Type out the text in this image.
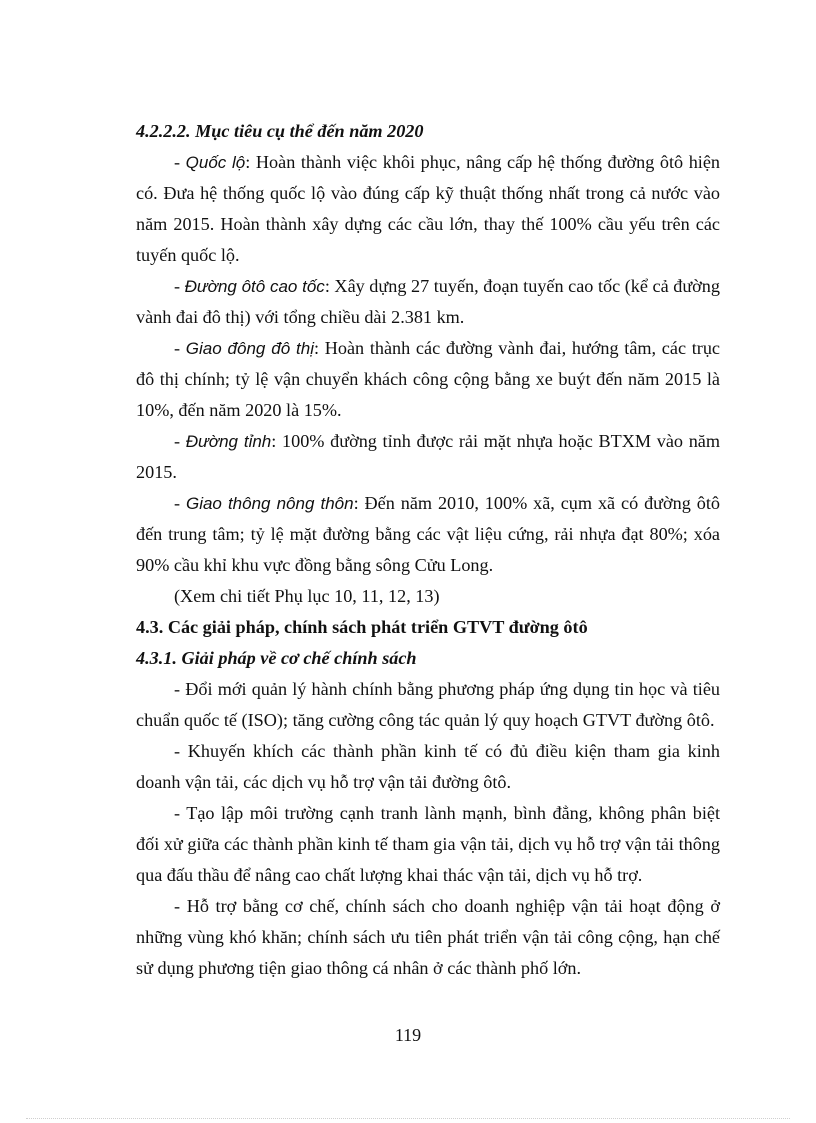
4.2.2.2. Mục tiêu cụ thể đến năm 2020

- Quốc lộ: Hoàn thành việc khôi phục, nâng cấp hệ thống đường ôtô hiện có. Đưa hệ thống quốc lộ vào đúng cấp kỹ thuật thống nhất trong cả nước vào năm 2015. Hoàn thành xây dựng các cầu lớn, thay thế 100% cầu yếu trên các tuyến quốc lộ.

- Đường ôtô cao tốc: Xây dựng 27 tuyến, đoạn tuyến cao tốc (kể cả đường vành đai đô thị) với tổng chiều dài 2.381 km.

- Giao đông đô thị: Hoàn thành các đường vành đai, hướng tâm, các trục đô thị chính; tỷ lệ vận chuyển khách công cộng bằng xe buýt đến năm 2015 là 10%, đến năm 2020 là 15%.

- Đường tỉnh: 100% đường tỉnh được rải mặt nhựa hoặc BTXM vào năm 2015.

- Giao thông nông thôn: Đến năm 2010, 100% xã, cụm xã có đường ôtô đến trung tâm; tỷ lệ mặt đường bằng các vật liệu cứng, rải nhựa đạt 80%; xóa 90% cầu khỉ khu vực đồng bằng sông Cửu Long.

(Xem chi tiết Phụ lục 10, 11, 12, 13)

4.3. Các giải pháp, chính sách phát triển GTVT đường ôtô

4.3.1. Giải pháp về cơ chế chính sách

- Đổi mới quản lý hành chính bằng phương pháp ứng dụng tin học và tiêu chuẩn quốc tế (ISO); tăng cường công tác quản lý quy hoạch GTVT đường ôtô.

- Khuyến khích các thành phần kinh tế có đủ điều kiện tham gia kinh doanh vận tải, các dịch vụ hỗ trợ vận tải đường ôtô.

- Tạo lập môi trường cạnh tranh lành mạnh, bình đẳng, không phân biệt đối xử giữa các thành phần kinh tế tham gia vận tải, dịch vụ hỗ trợ vận tải thông qua đấu thầu để nâng cao chất lượng khai thác vận tải, dịch vụ hỗ trợ.

- Hỗ trợ bằng cơ chế, chính sách cho doanh nghiệp vận tải hoạt động ở những vùng khó khăn; chính sách ưu tiên phát triển vận tải công cộng, hạn chế sử dụng phương tiện giao thông cá nhân ở các thành phố lớn.

119
